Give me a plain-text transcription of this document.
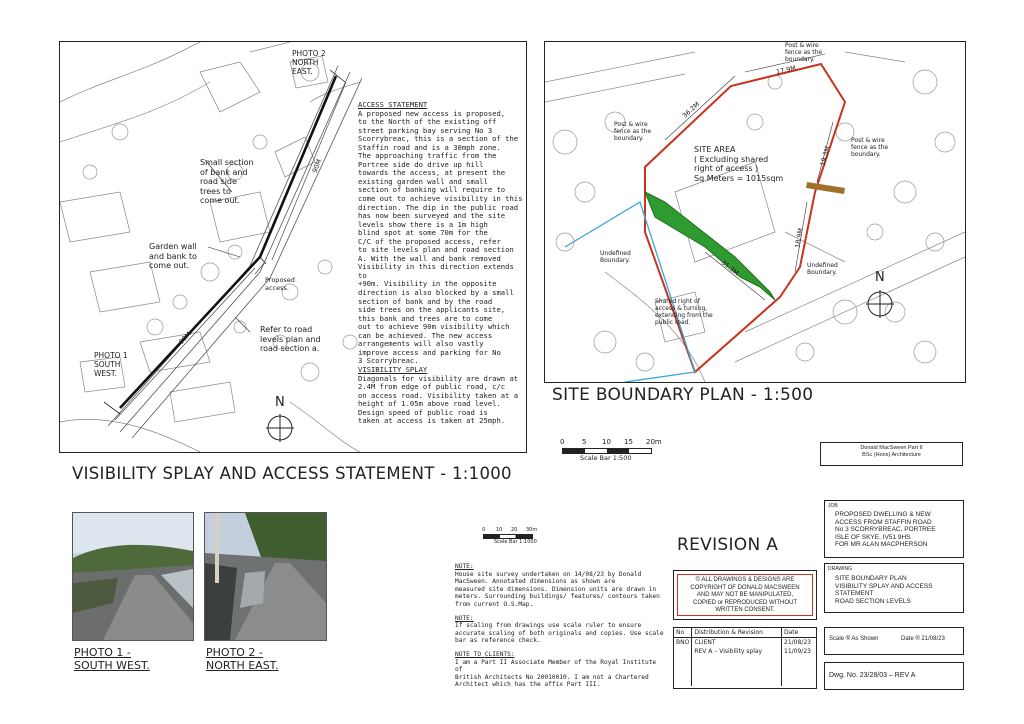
PHOTO 2
NORTH
EAST.
PHOTO 1
SOUTH
WEST.
90M
90M
Small section
of bank and
road side
trees to
come out.
Garden wall
and bank to
come out.
Proposed
access.
Refer to road
levels plan and
road section a.
N
ACCESS STATEMENT
A proposed new access is proposed,
to the North of the existing off
street parking bay serving No 3
Scorrybreac, this is a section of the
Staffin road and is a 30mph zone.
The approaching traffic from the
Portree side do drive up hill
towards the access, at present the
existing garden wall and small
section of banking will require to
come out to achieve visibility in this
direction. The dip in the public road
has now been surveyed and the site
levels show there is a 1m high
blind spot at some 70m for the
C/C of the proposed access, refer
to site levels plan and road section
A. With the wall and bank removed
Visibility in this direction extends to
+90m. Visibility in the opposite
direction is also blocked by a small
section of bank and by the road
side trees on the applicants site,
this bank and trees are to come
out to achieve 90m visibility which
can be achieved. The new access
arrangements will also vastly
improve access and parking for No
3 Scorrybreac.
VISIBILITY SPLAY
Diagonals for visibility are drawn at
2.4M from edge of public road, c/c
on access road. Visibility taken at a
height of 1.05m above road level.
Design speed of public road is
taken at access is taken at 25mph.
VISIBILITY SPLAY AND ACCESS STATEMENT - 1:1000
SITE AREA
( Excluding shared
right of access )
Sq Meters = 1015sqm
Post & wire
fence as the
boundary.
Post & wire
fence as the
boundary.	Post & wire
fence as the
boundary.
Undefined
Boundary.
Undefined
Boundary.
Shared right of
access & turning,
extending from the
public road.
36.2M
17.9M
19.3M
18.9M
35.3M
N
SITE BOUNDARY PLAN - 1:500
0	5 10 15 20m
Scale Bar 1:500
PHOTO 1 -
SOUTH WEST.
PHOTO 2 -
NORTH EAST.
0 10 20 30m
Scale Bar 1:1000
NOTE:
House site survey undertaken on 14/08/23 by Donald
MacSween. Annotated dimensions as shown are
measured site dimensions. Dimension units are drawn in
meters. Surrounding buildings/ features/ contours taken
from current O.S.Map.
NOTE:
If scaling from drawings use scale ruler to ensure
accurate scaling of both originals and copies. Use scale
bar as reference check.
NOTE TO CLIENTS:
I am a Part II Associate Member of the Royal Institute of
British Architects No 20010010. I am not a Chartered
Architect which has the affix Part III.
REVISION A
© ALL DRAWINGS & DESIGNS ARE
COPYRIGHT OF DONALD MACSWEEN
AND MAY NOT BE MANIPULATED,
COPIED or REPRODUCED WITHOUT
WRITTEN CONSENT.
No	Distribution & Revision	Date
BNO	CLIENT	21/08/23
	REV A – Visibility splay	11/09/23

Donald MacSween Part II
BSc (Hons) Architecture
JOB
PROPOSED DWELLING & NEW
ACCESS FROM STAFFIN ROAD
No 3 SCORRYBREAC, PORTREE
ISLE OF SKYE. IV51 9HS
FOR MR ALAN MACPHERSON
DRAWING
SITE BOUNDARY PLAN
VISIBILITY SPLAY AND ACCESS
STATEMENT
ROAD SECTION LEVELS
Scale ® As Shown	Date ® 21/08/23
Dwg. No. 23/28/03 – REV A
